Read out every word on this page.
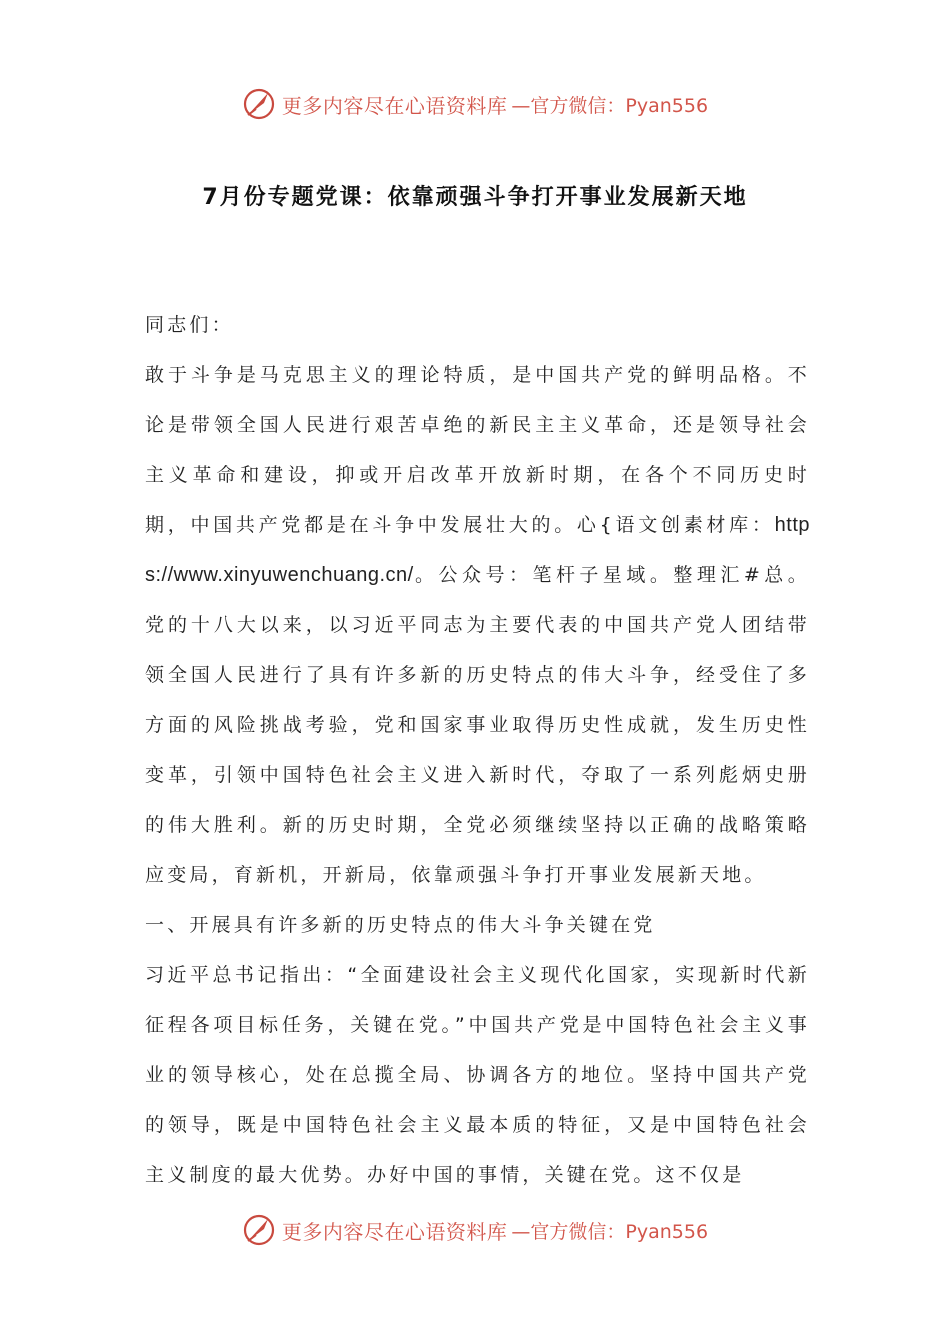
更多内容尽在心语资料库 —官方微信：Pyan556
7月份专题党课：依靠顽强斗争打开事业发展新天地

同志们：

敢于斗争是马克思主义的理论特质，是中国共产党的鲜明品格。不论是带领全国人民进行艰苦卓绝的新民主主义革命，还是领导社会主义革命和建设，抑或开启改革开放新时期，在各个不同历史时期，中国共产党都是在斗争中发展壮大的。心{语文创素材库：https://www.xinyuwenchuang.cn/。公众号：笔杆子星域。整理汇#总。党的十八大以来，以习近平同志为主要代表的中国共产党人团结带领全国人民进行了具有许多新的历史特点的伟大斗争，经受住了多方面的风险挑战考验，党和国家事业取得历史性成就，发生历史性变革，引领中国特色社会主义进入新时代，夺取了一系列彪炳史册的伟大胜利。新的历史时期，全党必须继续坚持以正确的战略策略应变局，育新机，开新局，依靠顽强斗争打开事业发展新天地。

一、开展具有许多新的历史特点的伟大斗争关键在党

习近平总书记指出：“全面建设社会主义现代化国家，实现新时代新征程各项目标任务，关键在党。”中国共产党是中国特色社会主义事业的领导核心，处在总揽全局、协调各方的地位。坚持中国共产党的领导，既是中国特色社会主义最本质的特征，又是中国特色社会主义制度的最大优势。办好中国的事情，关键在党。这不仅是

更多内容尽在心语资料库 —官方微信：Pyan556
